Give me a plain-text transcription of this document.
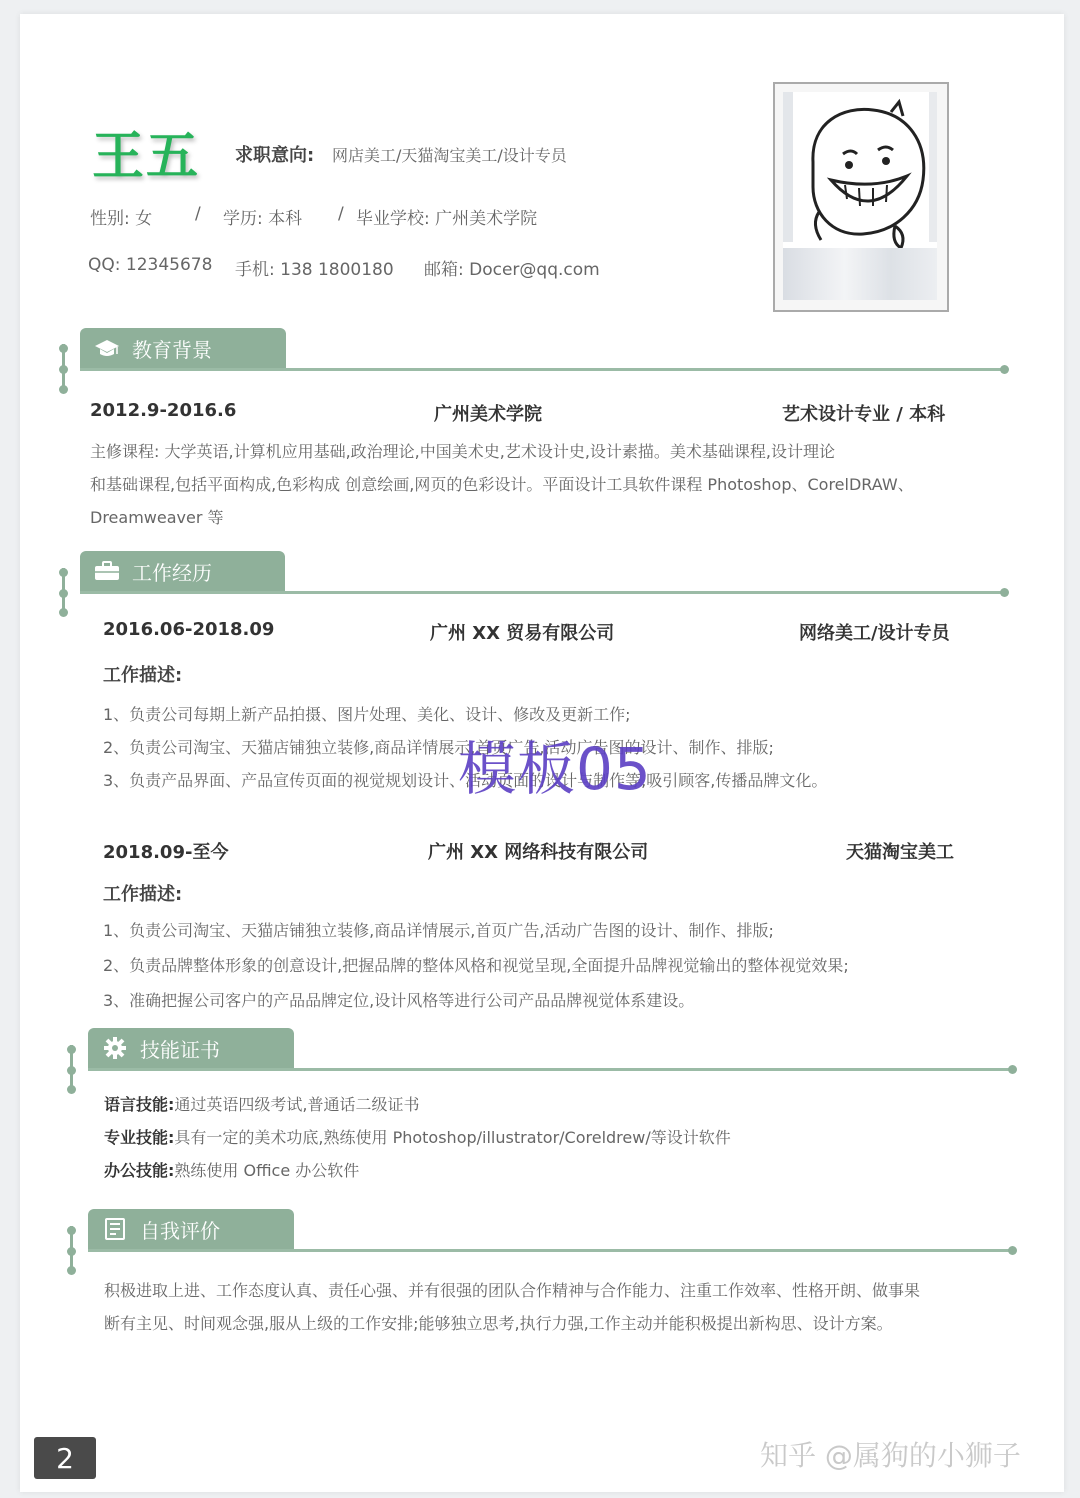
王五 求职意向: 网店美工/天猫淘宝美工/设计专员
性别: 女	/ 学历: 本科 / 毕业学校: 广州美术学院
QQ: 12345678 手机: 138 1800180 邮箱: Docer@qq.com
教育背景
2012.9-2016.6	广州美术学院	艺术设计专业 / 本科
主修课程: 大学英语,计算机应用基础,政治理论,中国美术史,艺术设计史,设计素描。美术基础课程,设计理论
和基础课程,包括平面构成,色彩构成 创意绘画,网页的色彩设计。平面设计工具软件课程 Photoshop、CorelDRAW、
Dreamweaver 等
工作经历
2016.06-2018.09	广州 XX 贸易有限公司	网络美工/设计专员
工作描述:
1、负责公司每期上新产品拍摄、图片处理、美化、设计、修改及更新工作;
2、负责公司淘宝、天猫店铺独立装修,商品详情展示,首页广告,活动广告图的设计、制作、排版;
3、负责产品界面、产品宣传页面的视觉规划设计、活动页面的设计与制作等,吸引顾客,传播品牌文化。
2018.09-至今	广州 XX 网络科技有限公司	天猫淘宝美工
工作描述:
1、负责公司淘宝、天猫店铺独立装修,商品详情展示,首页广告,活动广告图的设计、制作、排版;
2、负责品牌整体形象的创意设计,把握品牌的整体风格和视觉呈现,全面提升品牌视觉输出的整体视觉效果;
3、准确把握公司客户的产品品牌定位,设计风格等进行公司产品品牌视觉体系建设。
技能证书
语言技能:通过英语四级考试,普通话二级证书
专业技能:具有一定的美术功底,熟练使用 Photoshop/illustrator/Coreldrew/等设计软件
办公技能:熟练使用 Office 办公软件
自我评价
积极进取上进、工作态度认真、责任心强、并有很强的团队合作精神与合作能力、注重工作效率、性格开朗、做事果
断有主见、时间观念强,服从上级的工作安排;能够独立思考,执行力强,工作主动并能积极提出新构思、设计方案。
模板05
2	知乎 @属狗的小狮子
